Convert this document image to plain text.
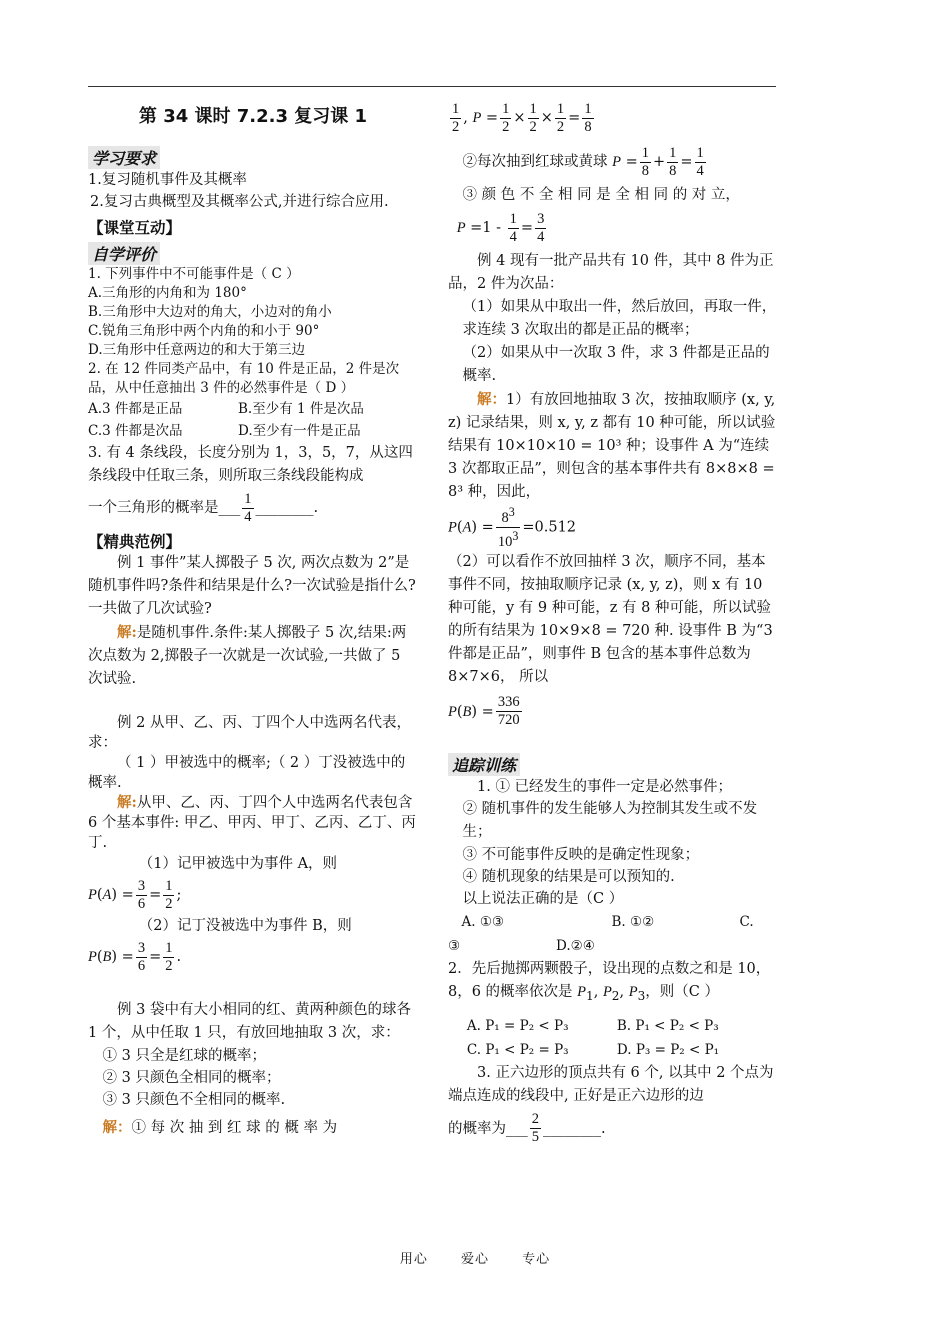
第 34 课时 7.2.3 复习课 1
学习要求
1.复习随机事件及其概率
2.复习古典概型及其概率公式,并进行综合应用.
【课堂互动】
自学评价
1. 下列事件中不可能事件是（ C ）
A.三角形的内角和为 180°
B.三角形中大边对的角大，小边对的角小
C.锐角三角形中两个内角的和小于 90°
D.三角形中任意两边的和大于第三边
2. 在 12 件同类产品中，有 10 件是正品，2 件是次品，从中任意抽出 3 件的必然事件是（ D ）
A.3 件都是正品	B.至少有 1 件是次品
C.3 件都是次品	D.至少有一件是正品
3. 有 4 条线段，长度分别为 1，3，5，7，从这四条线段中任取三条，则所取三条线段能构成
一个三角形的概率是___ $\frac{1}{4}$ ________.
【精典范例】
例 1 事件”某人掷骰子 5 次, 两次点数为 2”是随机事件吗?条件和结果是什么?一次试验是指什么?一共做了几次试验?
解:是随机事件.条件:某人掷骰子 5 次,结果:两次点数为 2,掷骰子一次就是一次试验,一共做了 5 次试验.
例 2 从甲、乙、丙、丁四个人中选两名代表，求：
（ 1 ）甲被选中的概率;（ 2 ）丁没被选中的概率.
解:从甲、乙、丙、丁四个人中选两名代表包含 6 个基本事件: 甲乙、甲丙、甲丁、乙丙、乙丁、丙丁.
（1）记甲被选中为事件 A，则
$P(A) = \frac{3}{6} = \frac{1}{2}$ ;
（2）记丁没被选中为事件 B，则
$P(B) = \frac{3}{6} = \frac{1}{2}$ .
例 3 袋中有大小相同的红、黄两种颜色的球各 1 个，从中任取 1 只，有放回地抽取 3 次，求：
① 3 只全是红球的概率；
② 3 只颜色全相同的概率；
③ 3 只颜色不全相同的概率.
解：① 每 次 抽 到 红 球 的 概 率 为
$\frac{1}{2}$ , $P = \frac{1}{2} \times \frac{1}{2} \times \frac{1}{2} = \frac{1}{8}$
②每次抽到红球或黄球 $P = \frac{1}{8} + \frac{1}{8} = \frac{1}{4}$
③ 颜 色 不 全 相 同 是 全 相 同 的 对 立，
$P =1 - \frac{1}{4} = \frac{3}{4}$
例 4 现有一批产品共有 10 件，其中 8 件为正品，2 件为次品：
（1）如果从中取出一件，然后放回，再取一件，求连续 3 次取出的都是正品的概率；
（2）如果从中一次取 3 件，求 3 件都是正品的概率.
解：1）有放回地抽取 3 次，按抽取顺序 (x, y, z) 记录结果，则 x, y, z 都有 10 种可能，所以试验结果有 10×10×10 = 10³ 种；设事件 A 为“连续 3 次都取正品”，则包含的基本事件共有 8×8×8 = 8³ 种，因此，
$P(A) = \frac{8^3}{10^3} =0.512$
（2）可以看作不放回抽样 3 次，顺序不同，基本事件不同，按抽取顺序记录 (x, y, z)，则 x 有 10 种可能，y 有 9 种可能，z 有 8 种可能，所以试验的所有结果为 10×9×8 = 720 种. 设事件 B 为“3 件都是正品”，则事件 B 包含的基本事件总数为 8×7×6， 所以
$P(B) = \frac{336}{720}$
追踪训练
1. ① 已经发生的事件一定是必然事件；
② 随机事件的发生能够人为控制其发生或不发生；
③ 不可能事件反映的是确定性现象；
④ 随机现象的结果是可以预知的.
以上说法正确的是（C ）
A. ①③	B. ①②	C.
③	D.②④
2．先后抛掷两颗骰子，设出现的点数之和是 10，8，6 的概率依次是 $P_1$, $P_2$, $P_3$，则（C ）
A. P₁ = P₂ < P₃	B. P₁ < P₂ < P₃
C. P₁ < P₂ = P₃	D. P₃ = P₂ < P₁
3. 正六边形的顶点共有 6 个, 以其中 2 个点为端点连成的线段中, 正好是正六边形的边
的概率为___ $\frac{2}{5}$ ________.
用心	爱心	专心
